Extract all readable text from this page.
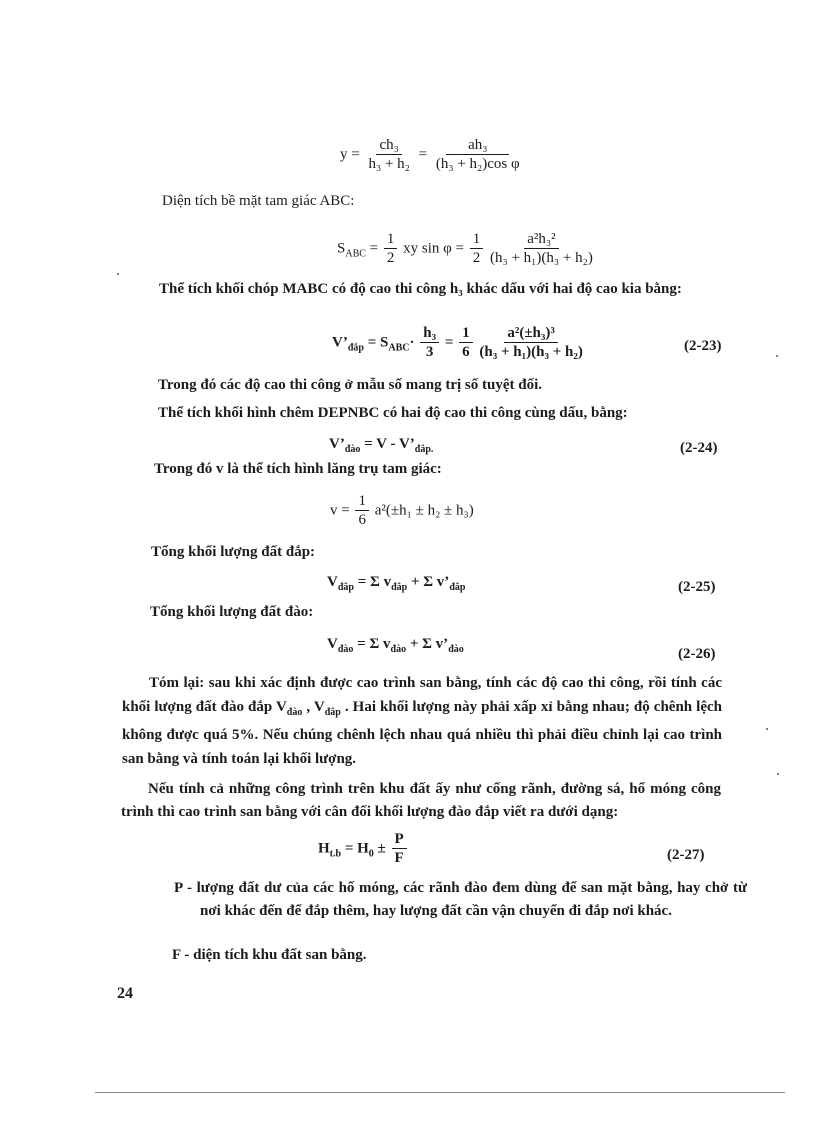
$y = \frac{\text{ch₃}}{\text{h₃ + h₂}} = \frac{\text{ah₃}}{\text{(h₃ + h₂)cos φ}}$
Diện tích bề mặt tam giác ABC:
$S_{ABC} = \frac{1}{2}$ xy $\sin \varphi = \frac{1}{2}$
$\frac{\text{a²h₃²}}{\text{(h₃ + h₁)(h₃ + h₂)}}$
Thể tích khối chóp MABC có độ cao thi công h₃ khác dấu với hai độ cao kia bằng:
$V’_{đắp} = S_{ABC}\cdot \frac{\text{h₃}}{3} = \frac{1}{6}$
$\frac{\text{a²(±h₃)³}}{\text{(h₃ + h₁)(h₃ + h₂)}}$	(2-23)
Trong đó các độ cao thi công ở mẫu số mang trị số tuyệt đối.
Thể tích khối hình chêm DEPNBC có hai độ cao thi công cùng dấu, bằng:
$V’_{đào} = V$ - $V’_{đắp.}$	(2-24)
Trong đó v là thể tích hình lăng trụ tam giác:
$v = \frac{1}{6} a^2(\pm h_1 \pm h_2 \pm h_3)$
Tổng khối lượng đất đắp:
$V_{đắp} = \Sigma$ $v_{đắp} + \Sigma$ $v’_{đắp}$	(2-25)
Tổng khối lượng đất đào:
$V_{đào} = \Sigma$ $v_{đào} + \Sigma$ $v’_{đào}$	(2-26)
Tóm lại: sau khi xác định được cao trình san bằng, tính các độ cao thi công, rồi tính các khối lượng đất đào đắp $V_{đào}$ , $V_{đắp}$ . Hai khối lượng này phải xấp xỉ bằng nhau; độ chênh lệch không được quá 5%. Nếu chúng chênh lệch nhau quá nhiều thì phải điều chỉnh lại cao trình san bằng và tính toán lại khối lượng.
Nếu tính cả những công trình trên khu đất ấy như cống rãnh, đường sá, hố móng công trình thì cao trình san bằng với cân đối khối lượng đào đắp viết ra dưới dạng:
$H_{t.b} = H_0 \pm \frac{P}{F}$	(2-27)
P - lượng đất dư của các hố móng, các rãnh đào đem dùng để san mặt bằng, hay chở từ nơi khác đến để đắp thêm, hay lượng đất cần vận chuyển đi đắp nơi khác.
F - diện tích khu đất san bằng.
24
